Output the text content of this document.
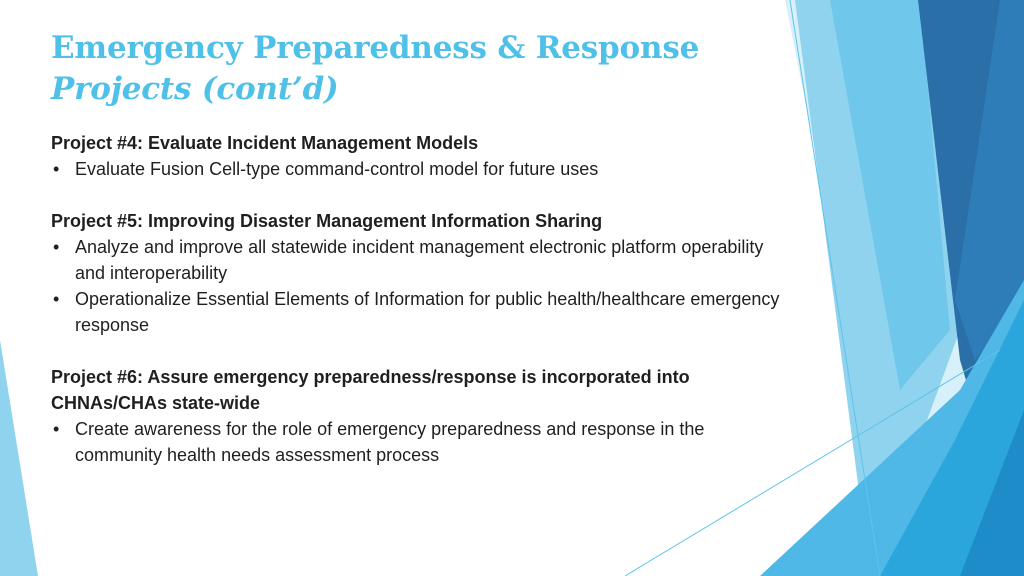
Emergency Preparedness & Response
Projects (cont’d)
Project #4: Evaluate Incident Management Models
• Evaluate Fusion Cell-type command-control model for future uses
Project #5: Improving Disaster Management Information Sharing
• Analyze and improve all statewide incident management electronic platform operability and interoperability
• Operationalize Essential Elements of Information for public health/healthcare emergency response
Project #6: Assure emergency preparedness/response is incorporated into CHNAs/CHAs state-wide
• Create awareness for the role of emergency preparedness and response in the community health needs assessment process
